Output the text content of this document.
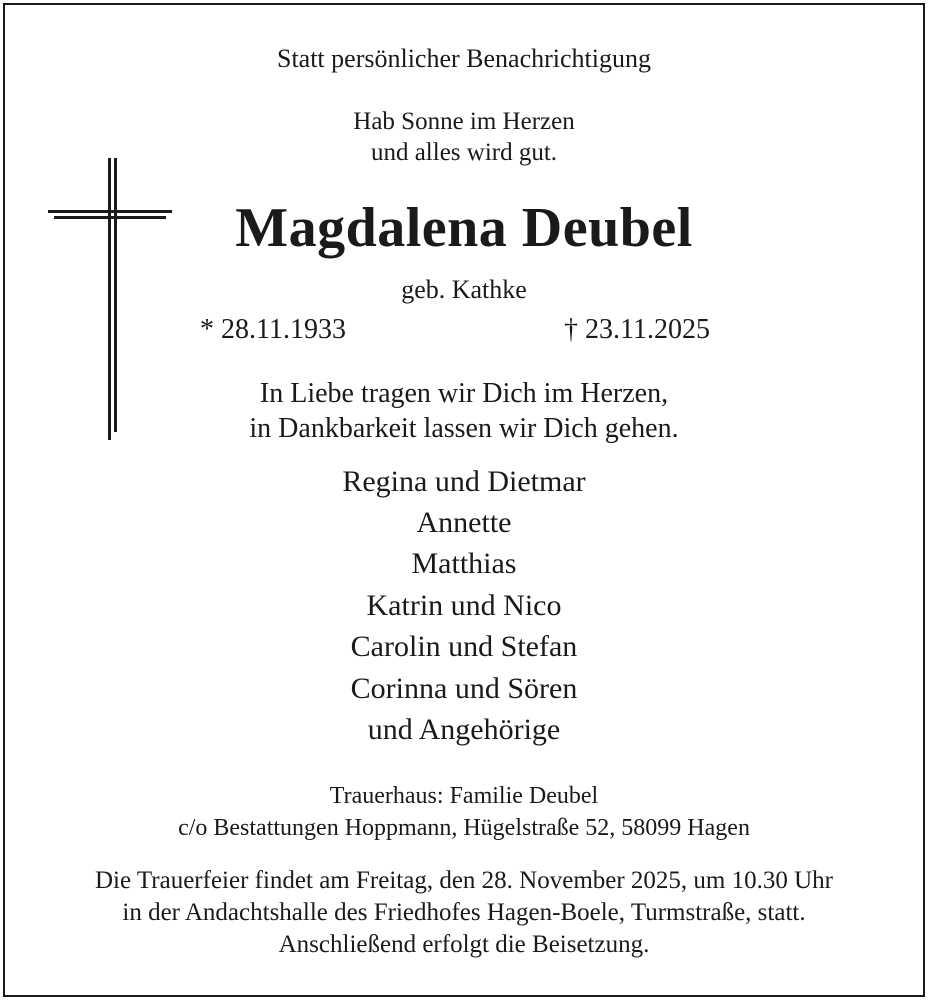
Statt persönlicher Benachrichtigung
Hab Sonne im Herzen
und alles wird gut.
Magdalena Deubel
geb. Kathke
* 28.11.1933	† 23.11.2025
In Liebe tragen wir Dich im Herzen,
in Dankbarkeit lassen wir Dich gehen.
Regina und Dietmar
Annette
Matthias
Katrin und Nico
Carolin und Stefan
Corinna und Sören
und Angehörige
Trauerhaus: Familie Deubel
c/o Bestattungen Hoppmann, Hügelstraße 52, 58099 Hagen
Die Trauerfeier findet am Freitag, den 28. November 2025, um 10.30 Uhr
in der Andachtshalle des Friedhofes Hagen-Boele, Turmstraße, statt.
Anschließend erfolgt die Beisetzung.
